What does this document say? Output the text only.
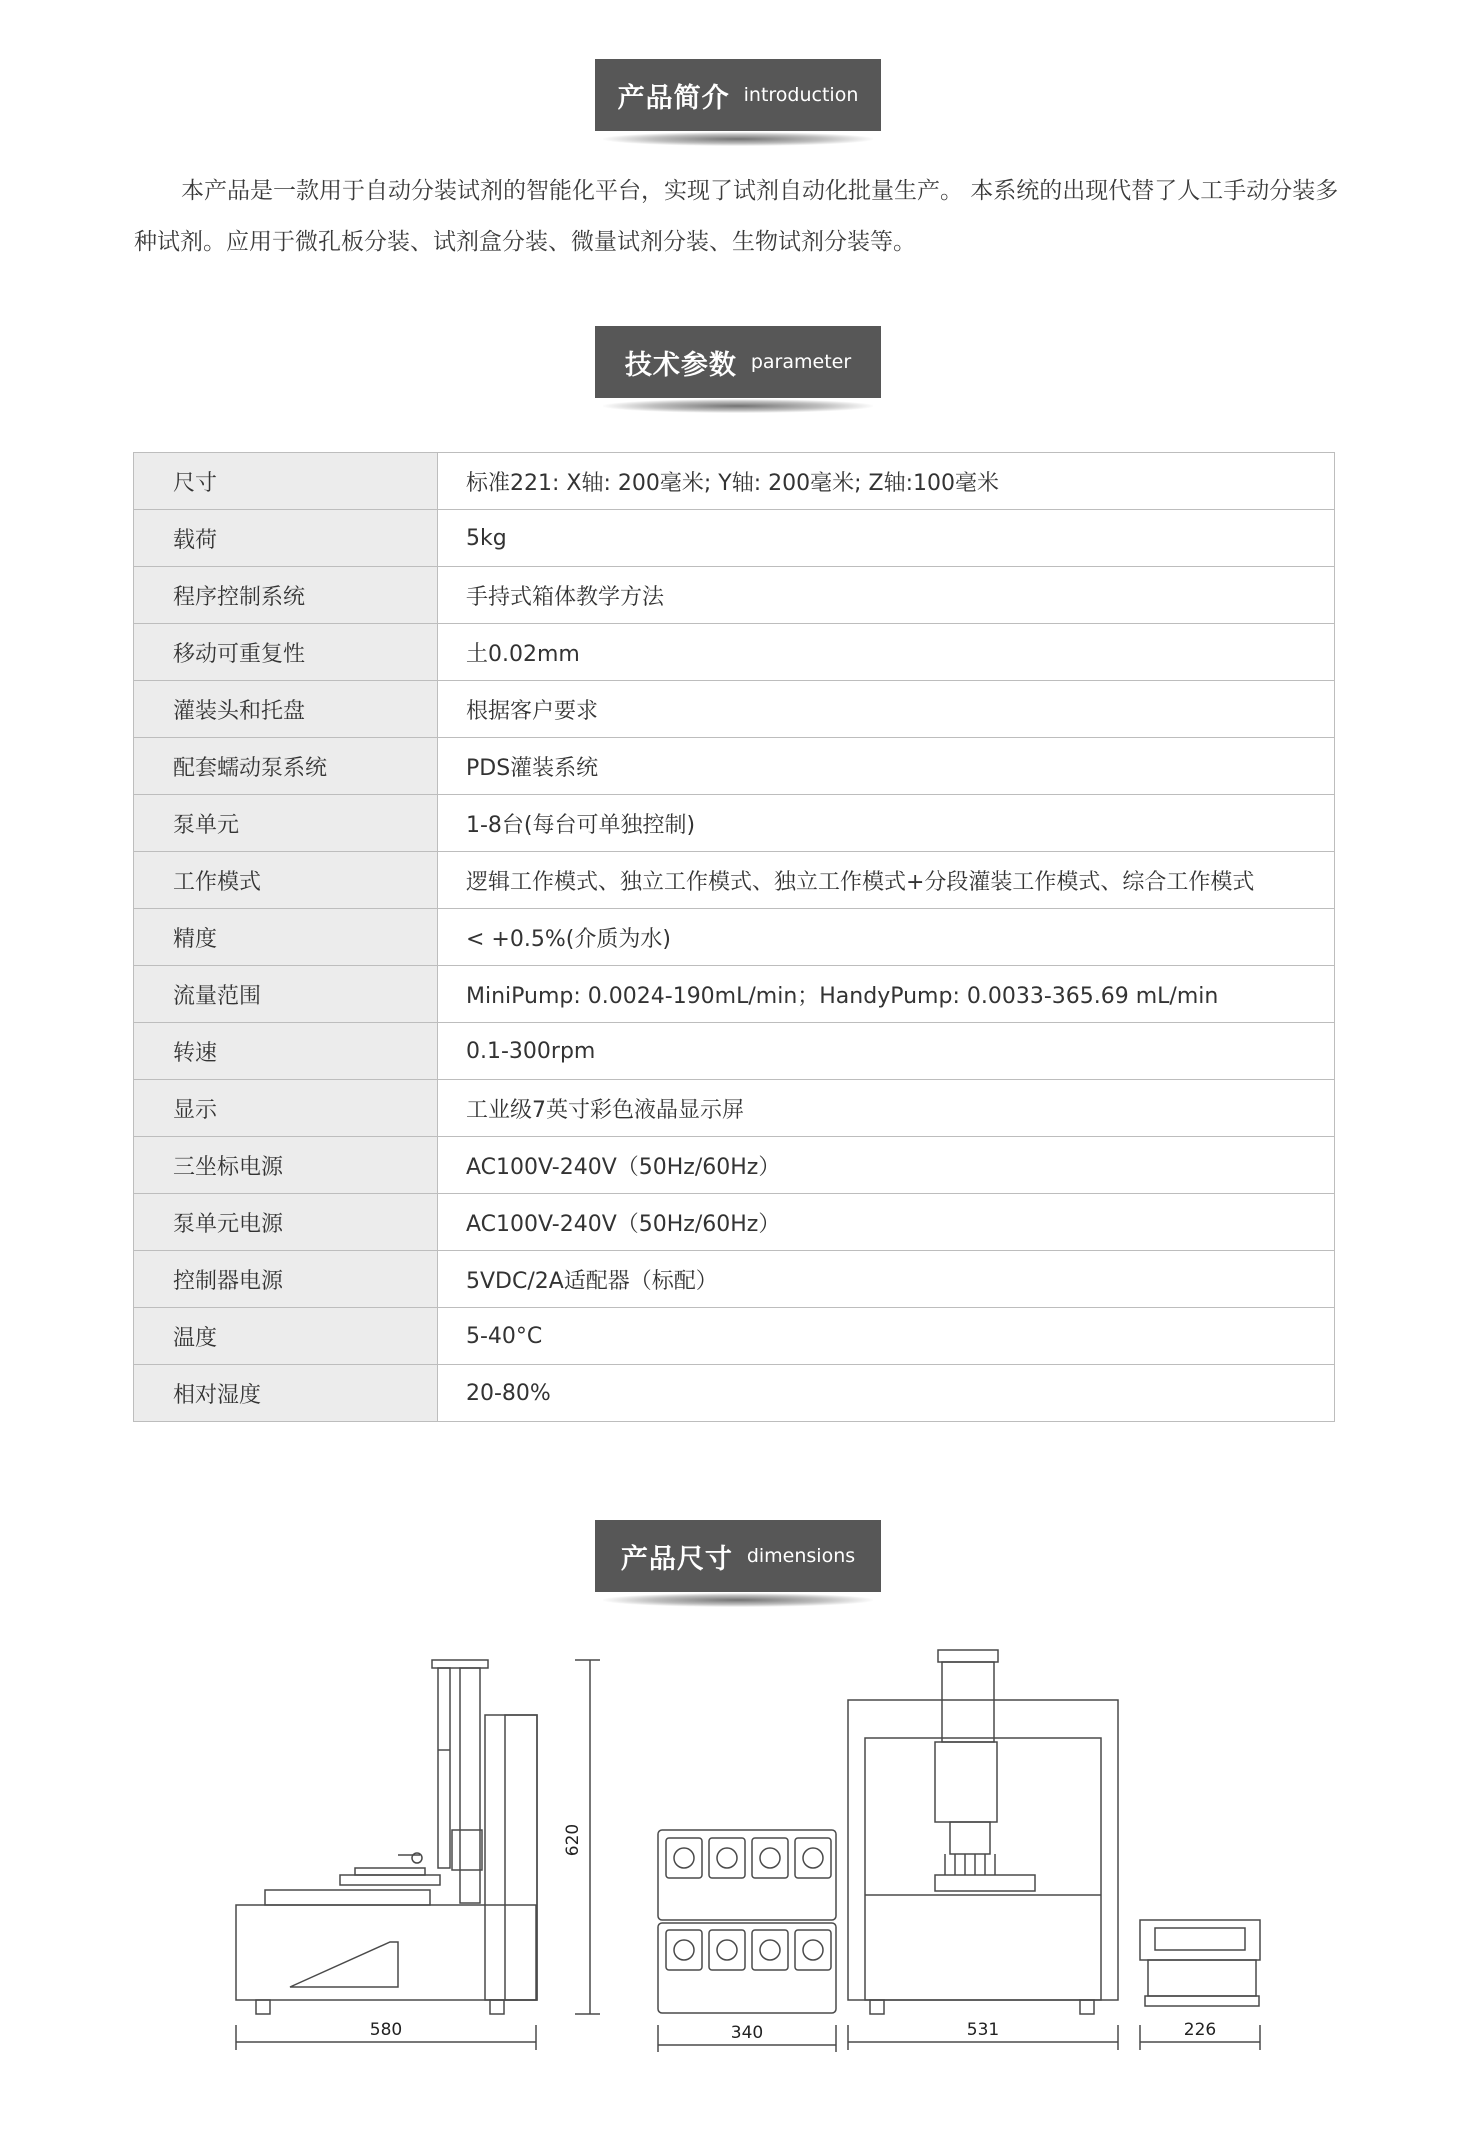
产品简介 introduction

本产品是一款用于自动分装试剂的智能化平台，实现了试剂自动化批量生产。 本系统的出现代替了人工手动分装多种试剂。应用于微孔板分装、试剂盒分装、微量试剂分装、生物试剂分装等。

技术参数 parameter
尺寸	标准221: X轴: 200毫米; Y轴: 200毫米; Z轴:100毫米
载荷	5kg
程序控制系统	手持式箱体教学方法
移动可重复性	土0.02mm
灌装头和托盘	根据客户要求
配套蠕动泵系统	PDS灌装系统
泵单元	1-8台(每台可单独控制)
工作模式	逻辑工作模式、独立工作模式、独立工作模式+分段灌装工作模式、综合工作模式
精度	< +0.5%(介质为水)
流量范围	MiniPump: 0.0024-190mL/min；HandyPump: 0.0033-365.69 mL/min
转速	0.1-300rpm
显示	工业级7英寸彩色液晶显示屏
三坐标电源	AC100V-240V（50Hz/60Hz）
泵单元电源	AC100V-240V（50Hz/60Hz）
控制器电源	5VDC/2A适配器（标配）
温度	5-40°C
相对湿度	20-80%
产品尺寸 dimensions
580
620
340	531	226
